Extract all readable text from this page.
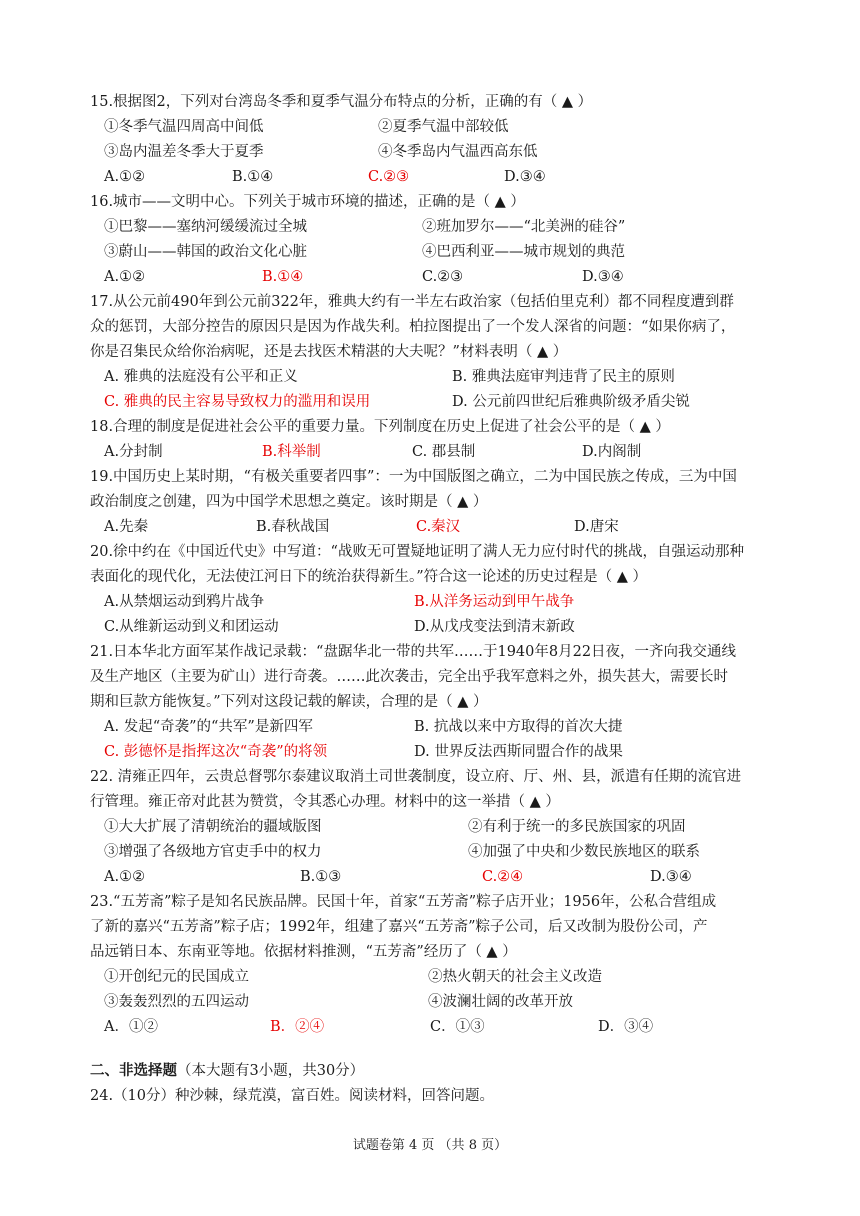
15.根据图2，下列对台湾岛冬季和夏季气温分布特点的分析，正确的有（ ▲ ）

①冬季气温四周高中间低	②夏季气温中部较低
③岛内温差冬季大于夏季	④冬季岛内气温西高东低
A.①②	B.①④	C.②③	D.③④

16.城市——文明中心。下列关于城市环境的描述，正确的是（ ▲ ）

①巴黎——塞纳河缓缓流过全城	②班加罗尔——“北美洲的硅谷”
③蔚山——韩国的政治文化心脏	④巴西利亚——城市规划的典范
A.①②	B.①④	C.②③	D.③④

17.从公元前490年到公元前322年，雅典大约有一半左右政治家（包括伯里克利）都不同程度遭到群

众的惩罚，大部分控告的原因只是因为作战失利。柏拉图提出了一个发人深省的问题：“如果你病了，

你是召集民众给你治病呢，还是去找医术精湛的大夫呢？”材料表明（ ▲ ）

A. 雅典的法庭没有公平和正义	B. 雅典法庭审判违背了民主的原则
C. 雅典的民主容易导致权力的滥用和误用	D. 公元前四世纪后雅典阶级矛盾尖锐

18.合理的制度是促进社会公平的重要力量。下列制度在历史上促进了社会公平的是（ ▲ ）

A.分封制	B.科举制	C. 郡县制	D.内阁制

19.中国历史上某时期，“有极关重要者四事”：一为中国版图之确立，二为中国民族之传成，三为中国

政治制度之创建，四为中国学术思想之奠定。该时期是（ ▲ ）

A.先秦	B.春秋战国	C.秦汉	D.唐宋

20.徐中约在《中国近代史》中写道：“战败无可置疑地证明了满人无力应付时代的挑战，自强运动那种

表面化的现代化，无法使江河日下的统治获得新生。”符合这一论述的历史过程是（ ▲ ）

A.从禁烟运动到鸦片战争	B.从洋务运动到甲午战争
C.从维新运动到义和团运动	D.从戊戌变法到清末新政

21.日本华北方面军某作战记录载：“盘踞华北一带的共军……于1940年8月22日夜，一齐向我交通线

及生产地区（主要为矿山）进行奇袭。……此次袭击，完全出乎我军意料之外，损失甚大，需要长时

期和巨款方能恢复。”下列对这段记载的解读，合理的是（ ▲ ）

A. 发起“奇袭”的“共军”是新四军	B. 抗战以来中方取得的首次大捷
C. 彭德怀是指挥这次“奇袭”的将领	D. 世界反法西斯同盟合作的战果

22. 清雍正四年，云贵总督鄂尔泰建议取消土司世袭制度，设立府、厅、州、县，派遣有任期的流官进

行管理。雍正帝对此甚为赞赏，令其悉心办理。材料中的这一举措（ ▲ ）

①大大扩展了清朝统治的疆域版图	②有利于统一的多民族国家的巩固
③增强了各级地方官吏手中的权力	④加强了中央和少数民族地区的联系
A.①②	B.①③	C.②④	D.③④

23.“五芳斋”粽子是知名民族品牌。民国十年，首家“五芳斋”粽子店开业；1956年，公私合营组成

了新的嘉兴“五芳斋”粽子店；1992年，组建了嘉兴“五芳斋”粽子公司，后又改制为股份公司，产

品远销日本、东南亚等地。依据材料推测，“五芳斋”经历了（ ▲ ）

①开创纪元的民国成立	②热火朝天的社会主义改造
③轰轰烈烈的五四运动	④波澜壮阔的改革开放
A．①②	B．②④	C．①③	D．③④
二、非选择题（本大题有3小题，共30分）

24.（10分）种沙棘，绿荒漠，富百姓。阅读材料，回答问题。

试题卷第 4 页 （共 8 页）
